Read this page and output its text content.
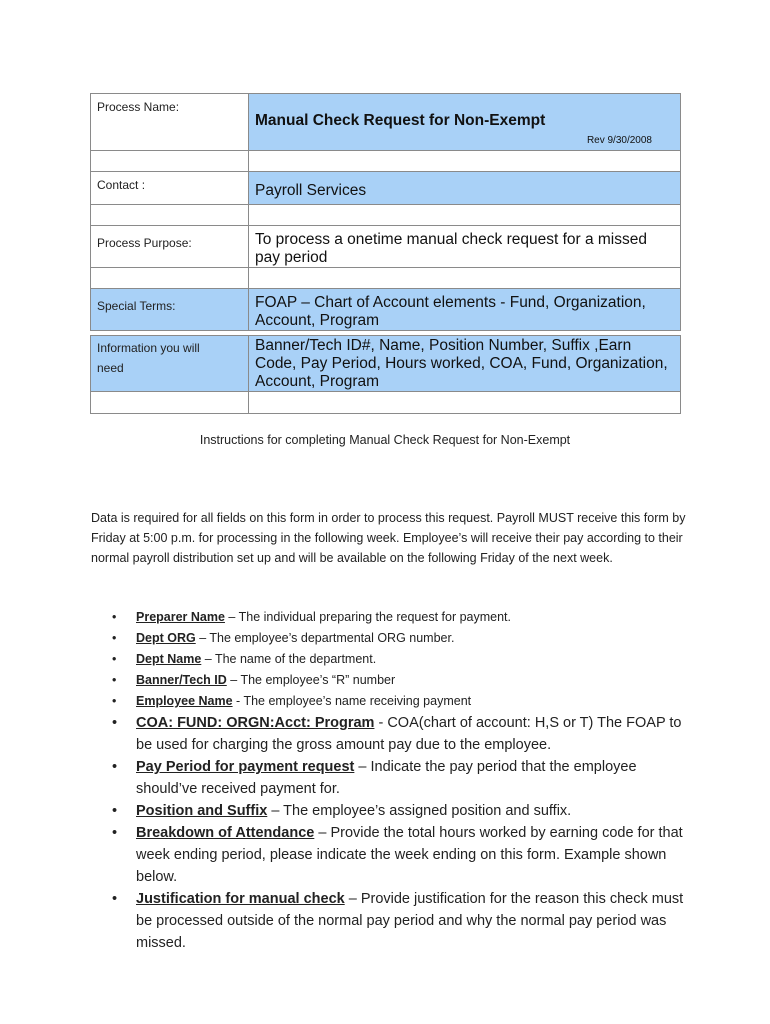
Process Name:	Manual Check Request for Non-Exempt
Rev 9/30/2008

Contact :	Payroll Services

Process Purpose:	To process a onetime manual check request for a missed pay period

Special Terms:	FOAP – Chart of Account elements - Fund, Organization, Account, Program
Information you will need	Banner/Tech ID#, Name, Position Number, Suffix ,Earn Code, Pay Period, Hours worked, COA, Fund, Organization, Account, Program

Instructions for completing Manual Check Request for Non-Exempt
Data is required for all fields on this form in order to process this request. Payroll MUST receive this form by Friday at 5:00 p.m. for processing in the following week. Employee’s will receive their pay according to their normal payroll distribution set up and will be available on the following Friday of the next week.
• Preparer Name – The individual preparing the request for payment.
• Dept ORG – The employee’s departmental ORG number.
• Dept Name – The name of the department.
• Banner/Tech ID – The employee’s “R” number
• Employee Name - The employee’s name receiving payment
• COA: FUND: ORGN:Acct: Program - COA(chart of account: H,S or T) The FOAP to be used for charging the gross amount pay due to the employee.
• Pay Period for payment request – Indicate the pay period that the employee should’ve received payment for.
• Position and Suffix – The employee’s assigned position and suffix.
• Breakdown of Attendance – Provide the total hours worked by earning code for that week ending period, please indicate the week ending on this form. Example shown below.
• Justification for manual check – Provide justification for the reason this check must be processed outside of the normal pay period and why the normal pay period was missed.
